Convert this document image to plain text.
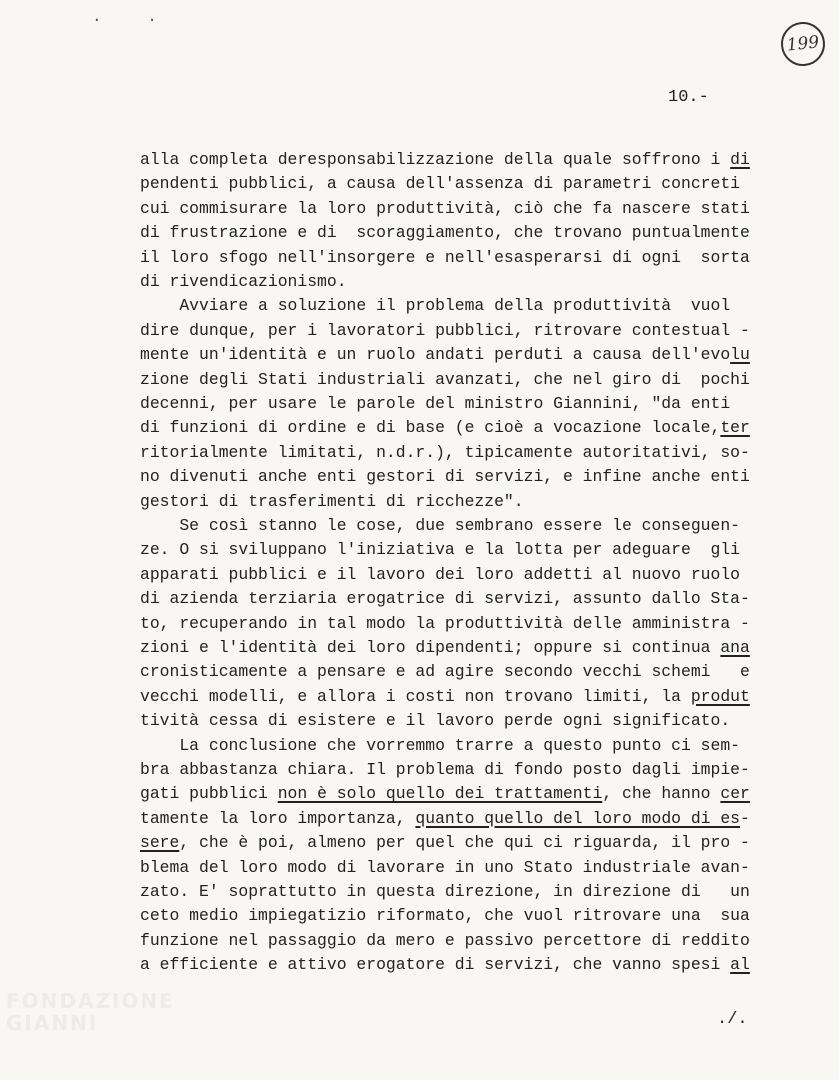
. .
199
10.-
alla completa deresponsabilizzazione della quale soffrono i di
pendenti pubblici, a causa dell'assenza di parametri concreti
cui commisurare la loro produttività, ciò che fa nascere stati
di frustrazione e di  scoraggiamento, che trovano puntualmente
il loro sfogo nell'insorgere e nell'esasperarsi di ogni  sorta
di rivendicazionismo.
Avviare a soluzione il problema della produttività  vuol
dire dunque, per i lavoratori pubblici, ritrovare contestual -
mente un'identità e un ruolo andati perduti a causa dell'evolu
zione degli Stati industriali avanzati, che nel giro di  pochi
decenni, per usare le parole del ministro Giannini, "da enti
di funzioni di ordine e di base (e cioè a vocazione locale,ter
ritorialmente limitati, n.d.r.), tipicamente autoritativi, so-
no divenuti anche enti gestori di servizi, e infine anche enti
gestori di trasferimenti di ricchezze".
Se così stanno le cose, due sembrano essere le conseguen-
ze. O si sviluppano l'iniziativa e la lotta per adeguare  gli
apparati pubblici e il lavoro dei loro addetti al nuovo ruolo
di azienda terziaria erogatrice di servizi, assunto dallo Sta-
to, recuperando in tal modo la produttività delle amministra -
zioni e l'identità dei loro dipendenti; oppure si continua ana
cronisticamente a pensare e ad agire secondo vecchi schemi   e
vecchi modelli, e allora i costi non trovano limiti, la produt
tività cessa di esistere e il lavoro perde ogni significato.
La conclusione che vorremmo trarre a questo punto ci sem-
bra abbastanza chiara. Il problema di fondo posto dagli impie-
gati pubblici non è solo quello dei trattamenti, che hanno cer
tamente la loro importanza, quanto quello del loro modo di es-
sere, che è poi, almeno per quel che qui ci riguarda, il pro -
blema del loro modo di lavorare in uno Stato industriale avan-
zato. E' soprattutto in questa direzione, in direzione di   un
ceto medio impiegatizio riformato, che vuol ritrovare una  sua
funzione nel passaggio da mero e passivo percettore di reddito
a efficiente e attivo erogatore di servizi, che vanno spesi al
./.
FONDAZIONE
GIANNI
